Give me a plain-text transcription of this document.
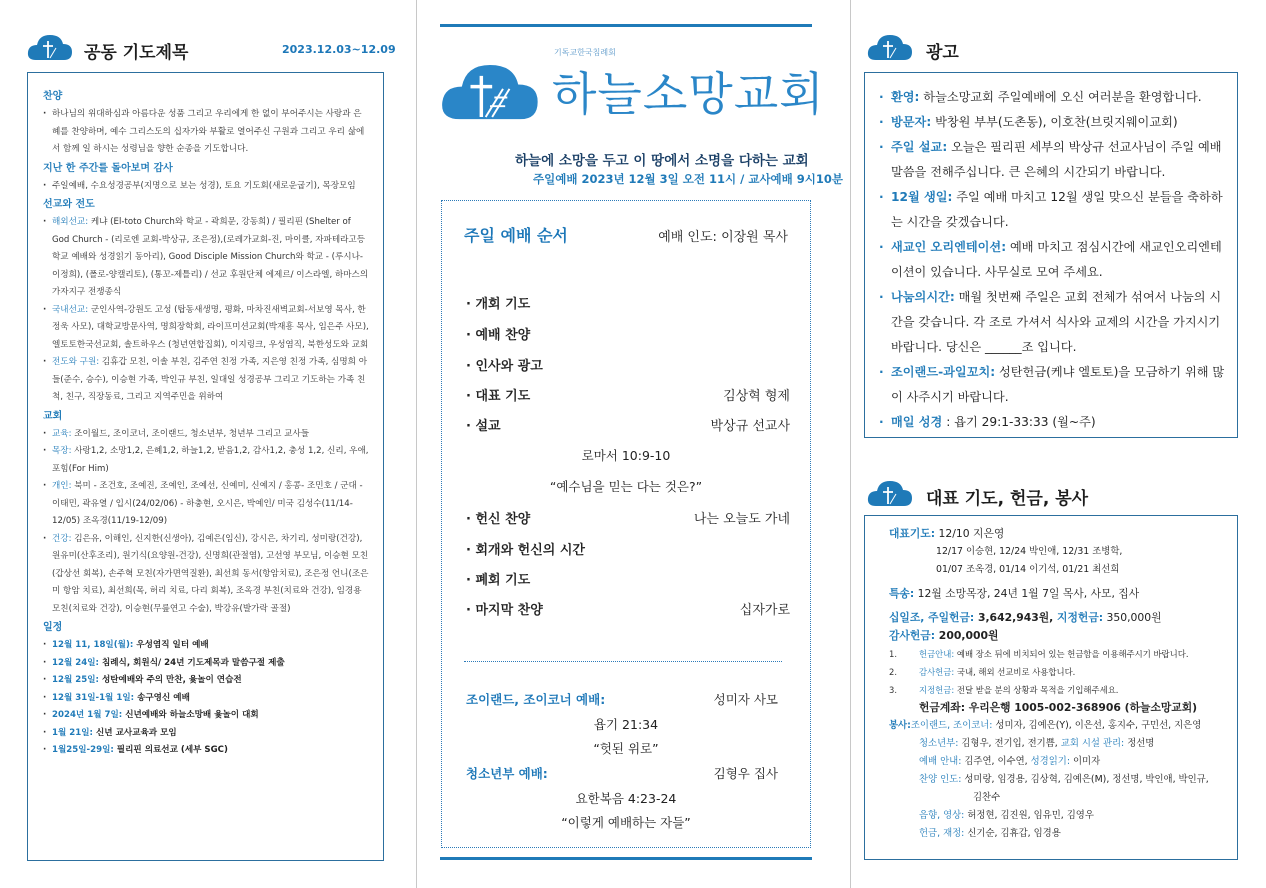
공동 기도제목	2023.12.03~12.09
찬양
· 하나님의 위대하심과 아름다운 성품 그리고 우리에게 한 없이 부어주시는 사랑과 은혜를 찬양하며, 예수 그리스도의 십자가와 부활로 열어주신 구원과 그리고 우리 삶에서 함께 일 하시는 성령님을 향한 순종을 기도합니다.
지난 한 주간를 돌아보며 감사
· 주일예배, 수요성경공부(지명으로 보는 성경), 토요 기도회(새로운굽기), 목장모임
선교와 전도
· 해외선교: 케냐 (El-toto Church와 학교 - 곽희문, 강동희) / 필리핀 (Shelter of God Church - (리로엔 교회-박상규, 조은정),(로레가교회-진, 마이클, 자파테라고등학교 예배와 성경읽기 동아리), Good Disciple Mission Church와 학교 - (루시나-이정희), (폴로-양캘리토), (통꼬-제틀리) / 선교 후원단체 에제르/ 이스라엘, 하마스의 가자지구 전쟁종식
· 국내선교: 군인사역-강원도 고성 (탑동새생명, 평화, 마차진새벽교회-서보영 목사, 한정욱 사모), 대학교방문사역, 명희장학회, 라이프미션교회(박재흥 목사, 임은주 사모), 엘토토한국선교회, 솔트하우스 (청년연합집회), 이지링크, 우성염직, 북한성도와 교회
· 전도와 구원: 김휴갑 모친, 이솔 부친, 김주연 친정 가족, 지은영 친정 가족, 심명희 아들(준수, 승수), 이승현 가족, 박인규 부친, 일대일 성경공부 그리고 기도하는 가족 친척, 친구, 직장동료, 그리고 지역주민을 위하여
교회
· 교육: 조이월드, 조이코너, 조이랜드, 청소년부, 청년부 그리고 교사들
· 목장: 사랑1,2, 소망1,2, 은혜1,2, 하늘1,2, 받음1,2, 감사1,2, 충성 1,2, 신리, 우애, 포힘(For Him)
· 개인: 북미 - 조건호, 조예진, 조예인, 조예선, 신예미, 신예지 / 홍콩- 조민호 / 군대 - 이태민, 곽유열 / 입시(24/02/06) - 하충현, 오시은, 박예인/ 미국 김성수(11/14-12/05) 조옥경(11/19-12/09)
· 건강: 김은유, 이해인, 신지한(신생아), 김예은(임신), 강시은, 차기리, 성미랑(건강), 원유미(산후조리), 원기식(요양원-건강), 신명희(관절염), 고선영 부모님, 이승현 모친(갑상선 회복), 손주혁 모친(자가면역질환), 최선희 동서(항암치료), 조은정 언니(조은미 항암 치료), 최선희(목, 허리 치료, 다리 회복), 조옥경 부친(치료와 건강), 임경용 모친(치료와 건강), 이승현(무릎연고 수술), 박강유(발가락 골절)
일정
· 12월 11, 18일(월): 우성염직 일터 예배
· 12월 24일: 침례식, 회원식/ 24년 기도제목과 말씀구절 제출
· 12월 25일: 성탄예배와 주의 만찬, 윷놀이 연습전
· 12월 31일-1월 1일: 송구영신 예배
· 2024년 1월 7일: 신년예배와 하늘소망배 윷놀이 대회
· 1월 21일: 신년 교사교육과 모임
· 1월25일-29일: 필리핀 의료선교 (세부 SGC)
기독교한국침례회
하늘소망교회
하늘에 소망을 두고 이 땅에서 소명을 다하는 교회
주일예배 2023년 12월 3일 오전 11시 / 교사예배 9시10분
주일 예배 순서	예배 인도: 이장원 목사
· 개회 기도
· 예배 찬양
· 인사와 광고
· 대표 기도	김상혁 형제
· 설교	박상규 선교사
로마서 10:9-10
“예수님을 믿는 다는 것은?”
· 헌신 찬양	나는 오늘도 가네
· 회개와 헌신의 시간
· 폐회 기도
· 마지막 찬양	십자가로
조이랜드, 조이코너 예배:	성미자 사모
욥기 21:34
“헛된 위로”
청소년부 예배:	김형우 집사
요한복음 4:23-24
“이렇게 예배하는 자들”
광고
· 환영: 하늘소망교회 주일예배에 오신 여러분을 환영합니다.
· 방문자: 박창원 부부(도촌동), 이호찬(브릿지웨이교회)
· 주일 설교: 오늘은 필리핀 세부의 박상규 선교사님이 주일 예배 말씀을 전해주십니다. 큰 은혜의 시간되기 바랍니다.
· 12월 생일: 주일 예배 마치고 12월 생일 맞으신 분들을 축하하는 시간을 갖겠습니다.
· 새교인 오리엔테이션: 예배 마치고 점심시간에 새교인오리엔테이션이 있습니다. 사무실로 모여 주세요.
· 나눔의시간: 매월 첫번째 주일은 교회 전체가 섞여서 나눔의 시간을 갖습니다. 각 조로 가셔서 식사와 교제의 시간을 가지시기 바랍니다. 당신은 ______조 입니다.
· 조이랜드-과일꼬치: 성탄헌금(케냐 엘토토)을 모금하기 위해 많이 사주시기 바랍니다.
· 매일 성경 : 욥기 29:1-33:33 (월~주)
대표 기도, 헌금, 봉사
대표기도: 12/10 지은영
12/17 이승현, 12/24 박인애, 12/31 조병학,
01/07 조옥경, 01/14 이기석, 01/21 최선희
특송: 12월 소망목장, 24년 1월 7일 목사, 사모, 집사
십일조, 주일헌금: 3,642,943원, 지정헌금: 350,000원
감사헌금: 200,000원
1.	헌금안내: 예배 장소 뒤에 비치되어 있는 헌금함을 이용해주시기 바랍니다.
2.	감사헌금: 국내, 해외 선교비로 사용합니다.
3.	지정헌금: 전달 받을 분의 상황과 목적을 기입해주세요.
헌금계좌: 우리은행 1005-002-368906 (하늘소망교회)
봉사:조이랜드, 조이코너: 성미자, 김예은(Y), 이은선, 홍지수, 구민선, 지은영
청소년부: 김형우, 전기입, 전기쁨, 교회 시설 관리: 정선명
예배 안내: 김주연, 이수연, 성경읽기: 이미자
찬양 인도: 성미랑, 임경용, 김상혁, 김예은(M), 정선명, 박인애, 박인규,
김찬수
음향, 영상: 허정현, 김진원, 임유민, 김영우
헌금, 재정: 신기순, 김휴갑, 임경용
